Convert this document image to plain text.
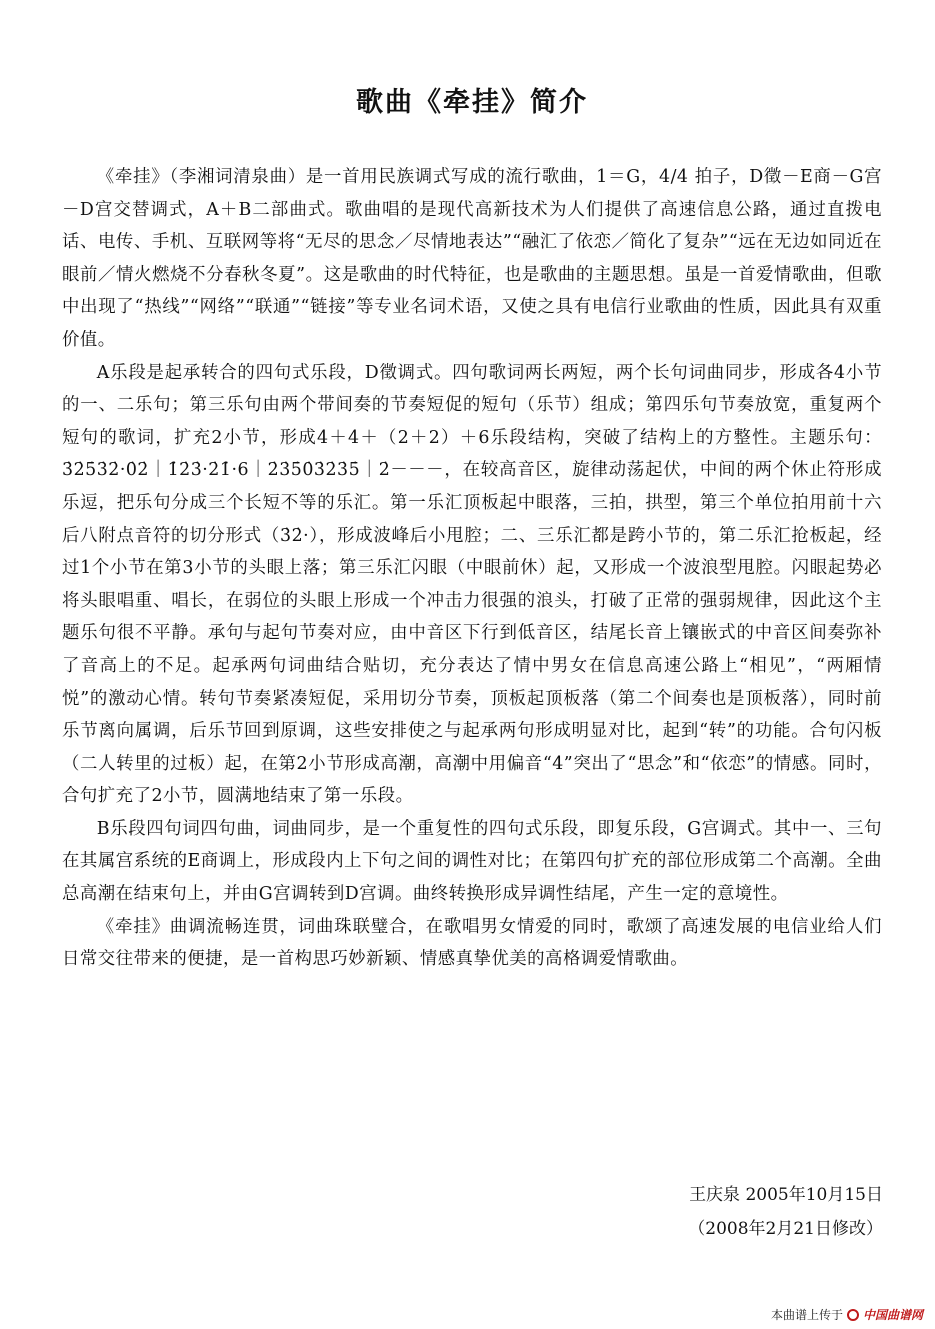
歌曲《牵挂》简介

《牵挂》（李湘词清泉曲）是一首用民族调式写成的流行歌曲，1＝G，4/4 拍子，D徵－E商－G宫－D宫交替调式，A＋B二部曲式。歌曲唱的是现代高新技术为人们提供了高速信息公路，通过直拨电话、电传、手机、互联网等将“无尽的思念／尽情地表达”“融汇了依恋／简化了复杂”“远在无边如同近在眼前／情火燃烧不分春秋冬夏”。这是歌曲的时代特征，也是歌曲的主题思想。虽是一首爱情歌曲，但歌中出现了“热线”“网络”“联通”“链接”等专业名词术语，又使之具有电信行业歌曲的性质，因此具有双重价值。

A乐段是起承转合的四句式乐段，D徵调式。四句歌词两长两短，两个长句词曲同步，形成各4小节的一、二乐句；第三乐句由两个带间奏的节奏短促的短句（乐节）组成；第四乐句节奏放宽，重复两个短句的歌词，扩充2小节，形成4＋4＋（2＋2）＋6乐段结构，突破了结构上的方整性。主题乐句：3̇2̇5̇3̇2̇·0̇2̇｜1̇2̇3̇·2̇1̇·6｜2̇3̇5̇0̇3̇2̇3̇5̇｜2̇－－－，在较高音区，旋律动荡起伏，中间的两个休止符形成乐逗，把乐句分成三个长短不等的乐汇。第一乐汇顶板起中眼落，三拍，拱型，第三个单位拍用前十六后八附点音符的切分形式（3̇2̇·），形成波峰后小甩腔；二、三乐汇都是跨小节的，第二乐汇抢板起，经过1个小节在第3小节的头眼上落；第三乐汇闪眼（中眼前休）起，又形成一个波浪型甩腔。闪眼起势必将头眼唱重、唱长，在弱位的头眼上形成一个冲击力很强的浪头，打破了正常的强弱规律，因此这个主题乐句很不平静。承句与起句节奏对应，由中音区下行到低音区，结尾长音上镶嵌式的中音区间奏弥补了音高上的不足。起承两句词曲结合贴切，充分表达了情中男女在信息高速公路上“相见”，“两厢情悦”的激动心情。转句节奏紧凑短促，采用切分节奏，顶板起顶板落（第二个间奏也是顶板落），同时前乐节离向属调，后乐节回到原调，这些安排使之与起承两句形成明显对比，起到“转”的功能。合句闪板（二人转里的过板）起，在第2小节形成高潮，高潮中用偏音“4̇”突出了“思念”和“依恋”的情感。同时，合句扩充了2小节，圆满地结束了第一乐段。

B乐段四句词四句曲，词曲同步，是一个重复性的四句式乐段，即复乐段，G宫调式。其中一、三句在其属宫系统的E商调上，形成段内上下句之间的调性对比；在第四句扩充的部位形成第二个高潮。全曲总高潮在结束句上，并由G宫调转到D宫调。曲终转换形成异调性结尾，产生一定的意境性。

《牵挂》曲调流畅连贯，词曲珠联璧合，在歌唱男女情爱的同时，歌颂了高速发展的电信业给人们日常交往带来的便捷，是一首构思巧妙新颖、情感真挚优美的高格调爱情歌曲。

王庆泉 2005年10月15日
（2008年2月21日修改）
本曲谱上传于 中国曲谱网
